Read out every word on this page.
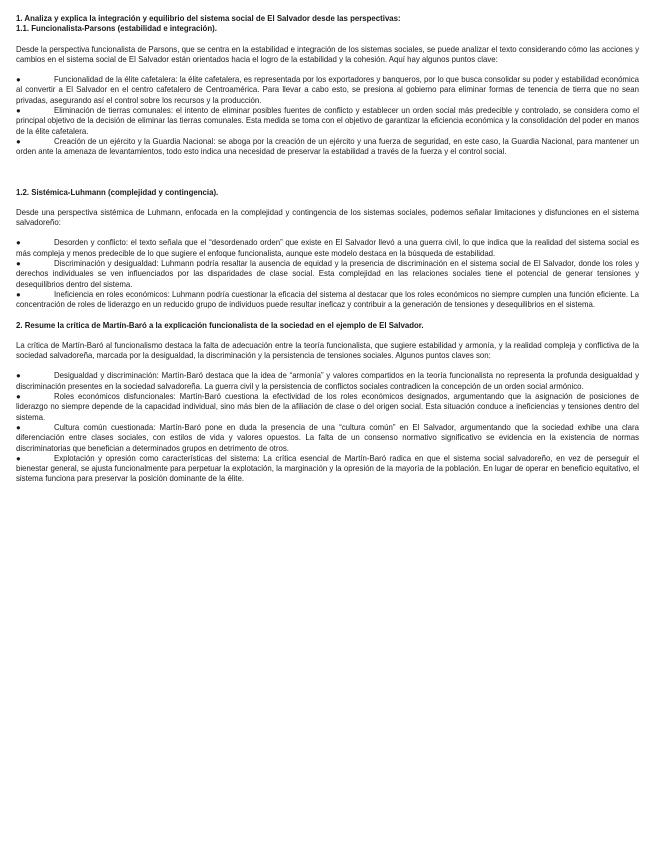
1. Analiza y explica la integración y equilibrio del sistema social de El Salvador desde las perspectivas:

1.1. Funcionalista-Parsons (estabilidad e integración).

Desde la perspectiva funcionalista de Parsons, que se centra en la estabilidad e integración de los sistemas sociales, se puede analizar el texto considerando cómo las acciones y cambios en el sistema social de El Salvador están orientados hacia el logro de la estabilidad y la cohesión. Aquí hay algunos puntos clave:

●	Funcionalidad de la élite cafetalera: la élite cafetalera, es representada por los exportadores y banqueros, por lo que busca consolidar su poder y estabilidad económica al convertir a El Salvador en el centro cafetalero de Centroamérica. Para llevar a cabo esto, se presiona al gobierno para eliminar formas de tenencia de tierra que no sean privadas, asegurando así el control sobre los recursos y la producción.

●	Eliminación de tierras comunales: el intento de eliminar posibles fuentes de conflicto y establecer un orden social más predecible y controlado, se considera como el principal objetivo de la decisión de eliminar las tierras comunales. Esta medida se toma con el objetivo de garantizar la eficiencia económica y la consolidación del poder en manos de la élite cafetalera.

●	Creación de un ejército y la Guardia Nacional: se aboga por la creación de un ejército y una fuerza de seguridad, en este caso, la Guardia Nacional, para mantener un orden ante la amenaza de levantamientos, todo esto indica una necesidad de preservar la estabilidad a través de la fuerza y el control social.

1.2. Sistémica-Luhmann (complejidad y contingencia).

Desde una perspectiva sistémica de Luhmann, enfocada en la complejidad y contingencia de los sistemas sociales, podemos señalar limitaciones y disfunciones en el sistema salvadoreño:

●	Desorden y conflicto: el texto señala que el “desordenado orden” que existe en El Salvador llevó a una guerra civil, lo que indica que la realidad del sistema social es más compleja y menos predecible de lo que sugiere el enfoque funcionalista, aunque este modelo destaca en la búsqueda de estabilidad.

●	Discriminación y desigualdad: Luhmann podría resaltar la ausencia de equidad y la presencia de discriminación en el sistema social de El Salvador, donde los roles y derechos individuales se ven influenciados por las disparidades de clase social. Esta complejidad en las relaciones sociales tiene el potencial de generar tensiones y desequilibrios dentro del sistema.

●	Ineficiencia en roles económicos: Luhmann podría cuestionar la eficacia del sistema al destacar que los roles económicos no siempre cumplen una función eficiente. La concentración de roles de liderazgo en un reducido grupo de individuos puede resultar ineficaz y contribuir a la generación de tensiones y desequilibrios en el sistema.

2. Resume la crítica de Martín-Baró a la explicación funcionalista de la sociedad en el ejemplo de El Salvador.

La crítica de Martín-Baró al funcionalismo destaca la falta de adecuación entre la teoría funcionalista, que sugiere estabilidad y armonía, y la realidad compleja y conflictiva de la sociedad salvadoreña, marcada por la desigualdad, la discriminación y la persistencia de tensiones sociales. Algunos puntos claves son:

●	Desigualdad y discriminación: Martín-Baró destaca que la idea de “armonía” y valores compartidos en la teoría funcionalista no representa la profunda desigualdad y discriminación presentes en la sociedad salvadoreña. La guerra civil y la persistencia de conflictos sociales contradicen la concepción de un orden social armónico.

●	Roles económicos disfuncionales: Martín-Baró cuestiona la efectividad de los roles económicos designados, argumentando que la asignación de posiciones de liderazgo no siempre depende de la capacidad individual, sino más bien de la afiliación de clase o del origen social. Esta situación conduce a ineficiencias y tensiones dentro del sistema.

●	Cultura común cuestionada: Martín-Baró pone en duda la presencia de una “cultura común” en El Salvador, argumentando que la sociedad exhibe una clara diferenciación entre clases sociales, con estilos de vida y valores opuestos. La falta de un consenso normativo significativo se evidencia en la existencia de normas discriminatorias que benefician a determinados grupos en detrimento de otros.

●	Explotación y opresión como características del sistema: La crítica esencial de Martín-Baró radica en que el sistema social salvadoreño, en vez de perseguir el bienestar general, se ajusta funcionalmente para perpetuar la explotación, la marginación y la opresión de la mayoría de la población. En lugar de operar en beneficio equitativo, el sistema funciona para preservar la posición dominante de la élite.
